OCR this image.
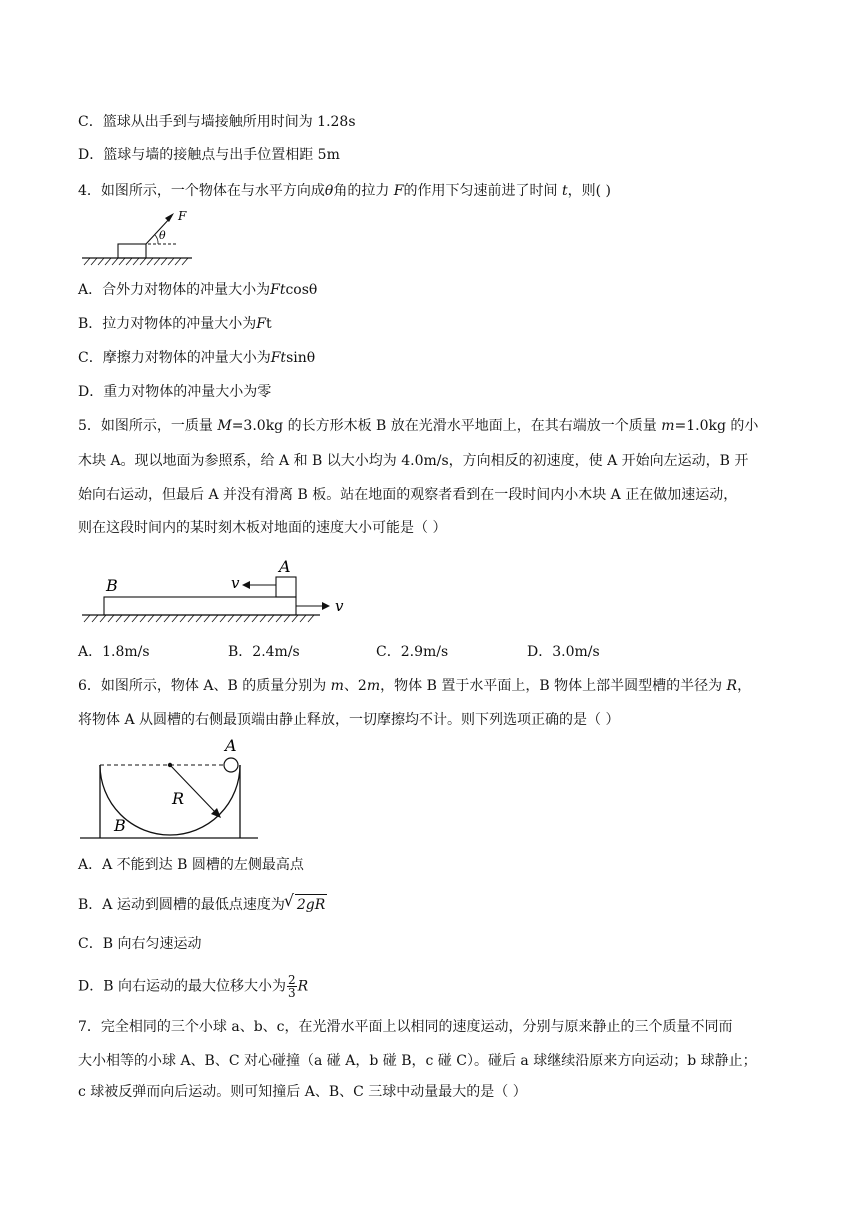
C．篮球从出手到与墙接触所用时间为 1.28s
D．篮球与墙的接触点与出手位置相距 5m
4．如图所示，一个物体在与水平方向成θ角的拉力 F的作用下匀速前进了时间 t，则( )
F
θ
A．合外力对物体的冲量大小为Ftcosθ
B．拉力对物体的冲量大小为Ft
C．摩擦力对物体的冲量大小为Ftsinθ
D．重力对物体的冲量大小为零
5．如图所示，一质量 M=3.0kg 的长方形木板 B 放在光滑水平地面上，在其右端放一个质量 m=1.0kg 的小
木块 A。现以地面为参照系，给 A 和 B 以大小均为 4.0m/s，方向相反的初速度，使 A 开始向左运动，B 开
始向右运动，但最后 A 并没有滑离 B 板。站在地面的观察者看到在一段时间内小木块 A 正在做加速运动，
则在这段时间内的某时刻木板对地面的速度大小可能是（ ）
B
A
v
v
A．1.8m/s	B．2.4m/s	C．2.9m/s	D．3.0m/s
6．如图所示，物体 A、B 的质量分别为 m、2m，物体 B 置于水平面上，B 物体上部半圆型槽的半径为 R，
将物体 A 从圆槽的右侧最顶端由静止释放，一切摩擦均不计。则下列选项正确的是（ ）
A
R
B
A．A 不能到达 B 圆槽的左侧最高点
B．A 运动到圆槽的最低点速度为√ 2gR
C．B 向右匀速运动
D．B 向右运动的最大位移大小为 $\frac{2}{3}$ R
7．完全相同的三个小球 a、b、c，在光滑水平面上以相同的速度运动，分别与原来静止的三个质量不同而
大小相等的小球 A、B、C 对心碰撞（a 碰 A，b 碰 B，c 碰 C）。碰后 a 球继续沿原来方向运动；b 球静止；
c 球被反弹而向后运动。则可知撞后 A、B、C 三球中动量最大的是（ ）
